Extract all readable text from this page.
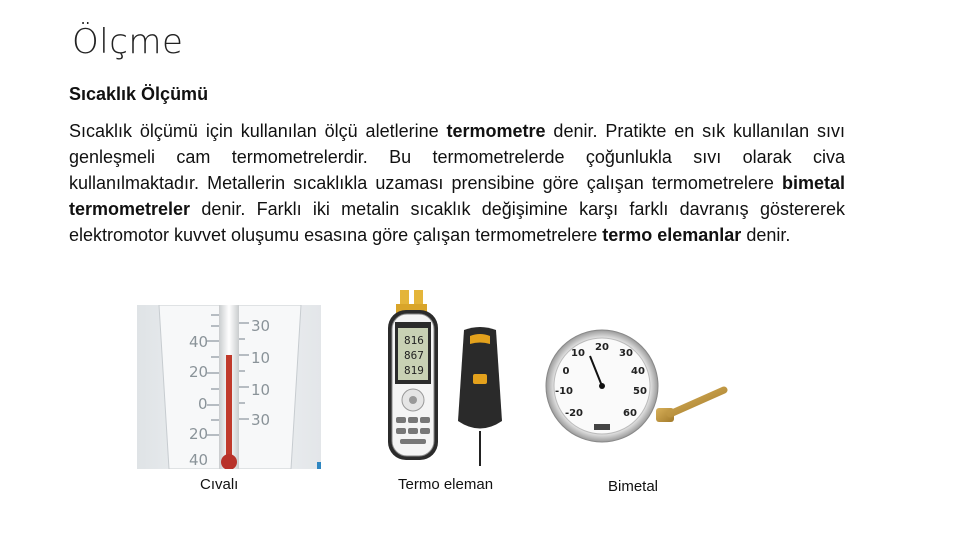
Ölçme
Sıcaklık Ölçümü
Sıcaklık ölçümü için kullanılan ölçü aletlerine termometre denir. Pratikte en sık kullanılan sıvı genleşmeli cam termometrelerdir. Bu termometrelerde çoğunlukla sıvı olarak civa kullanılmaktadır. Metallerin sıcaklıkla uzaması prensibine göre çalışan termometrelere bimetal termometreler denir. Farklı iki metalin sıcaklık değişimine karşı farklı davranış göstererek elektromotor kuvvet oluşumu esasına göre çalışan termometrelere termo elemanlar denir.
40
20
0
20
40
30
10
10
30
Cıvalı
816
867
819
Termo eleman
-20
-10
0
10
20
30
40
50
60
Bimetal
